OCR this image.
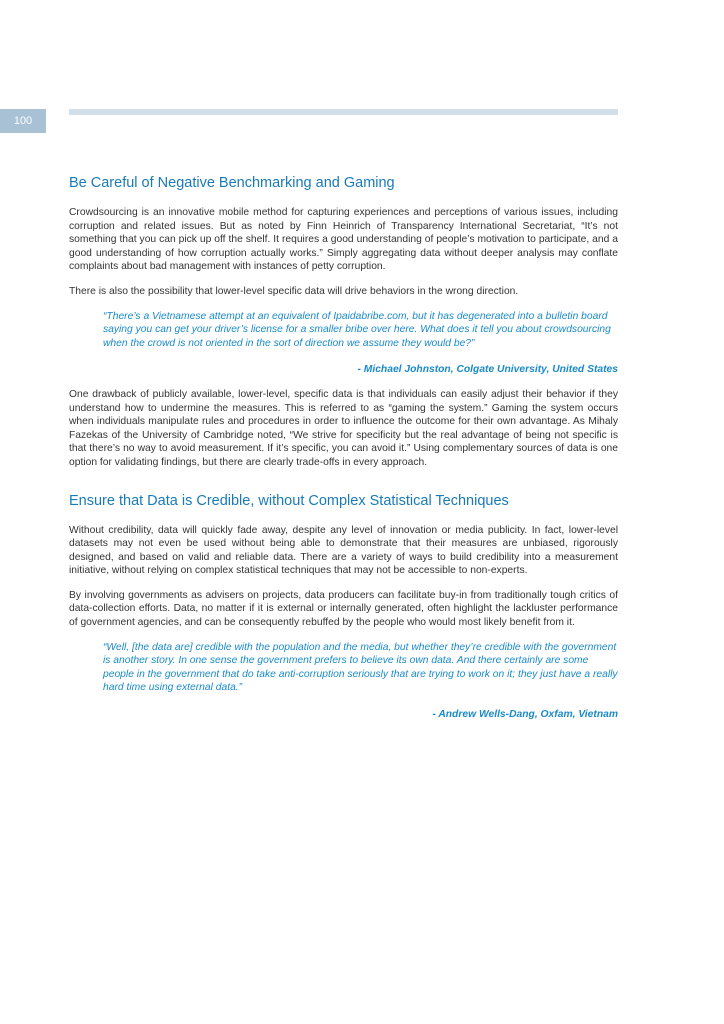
100
Be Careful of Negative Benchmarking and Gaming

Crowdsourcing is an innovative mobile method for capturing experiences and perceptions of various issues, including corruption and related issues. But as noted by Finn Heinrich of Transparency International Secretariat, “It’s not something that you can pick up off the shelf. It requires a good understanding of people’s motivation to participate, and a good understanding of how corruption actually works.” Simply aggregating data without deeper analysis may conflate complaints about bad management with instances of petty corruption.

There is also the possibility that lower-level specific data will drive behaviors in the wrong direction.

“There’s a Vietnamese attempt at an equivalent of Ipaidabribe.com, but it has degenerated into a bulletin board saying you can get your driver’s license for a smaller bribe over here. What does it tell you about crowdsourcing when the crowd is not oriented in the sort of direction we assume they would be?”
- Michael Johnston, Colgate University, United States

One drawback of publicly available, lower-level, specific data is that individuals can easily adjust their behavior if they understand how to undermine the measures. This is referred to as “gaming the system.” Gaming the system occurs when individuals manipulate rules and procedures in order to influence the outcome for their own advantage. As Mihaly Fazekas of the University of Cambridge noted, “We strive for specificity but the real advantage of being not specific is that there’s no way to avoid measurement. If it’s specific, you can avoid it.” Using complementary sources of data is one option for validating findings, but there are clearly trade-offs in every approach.

Ensure that Data is Credible, without Complex Statistical Techniques

Without credibility, data will quickly fade away, despite any level of innovation or media publicity. In fact, lower-level datasets may not even be used without being able to demonstrate that their measures are unbiased, rigorously designed, and based on valid and reliable data. There are a variety of ways to build credibility into a measurement initiative, without relying on complex statistical techniques that may not be accessible to non-experts.

By involving governments as advisers on projects, data producers can facilitate buy-in from traditionally tough critics of data-collection efforts. Data, no matter if it is external or internally generated, often highlight the lackluster performance of government agencies, and can be consequently rebuffed by the people who would most likely benefit from it.

“Well, [the data are] credible with the population and the media, but whether they’re credible with the government is another story. In one sense the government prefers to believe its own data. And there certainly are some people in the government that do take anti-corruption seriously that are trying to work on it; they just have a really hard time using external data.”
- Andrew Wells-Dang, Oxfam, Vietnam
